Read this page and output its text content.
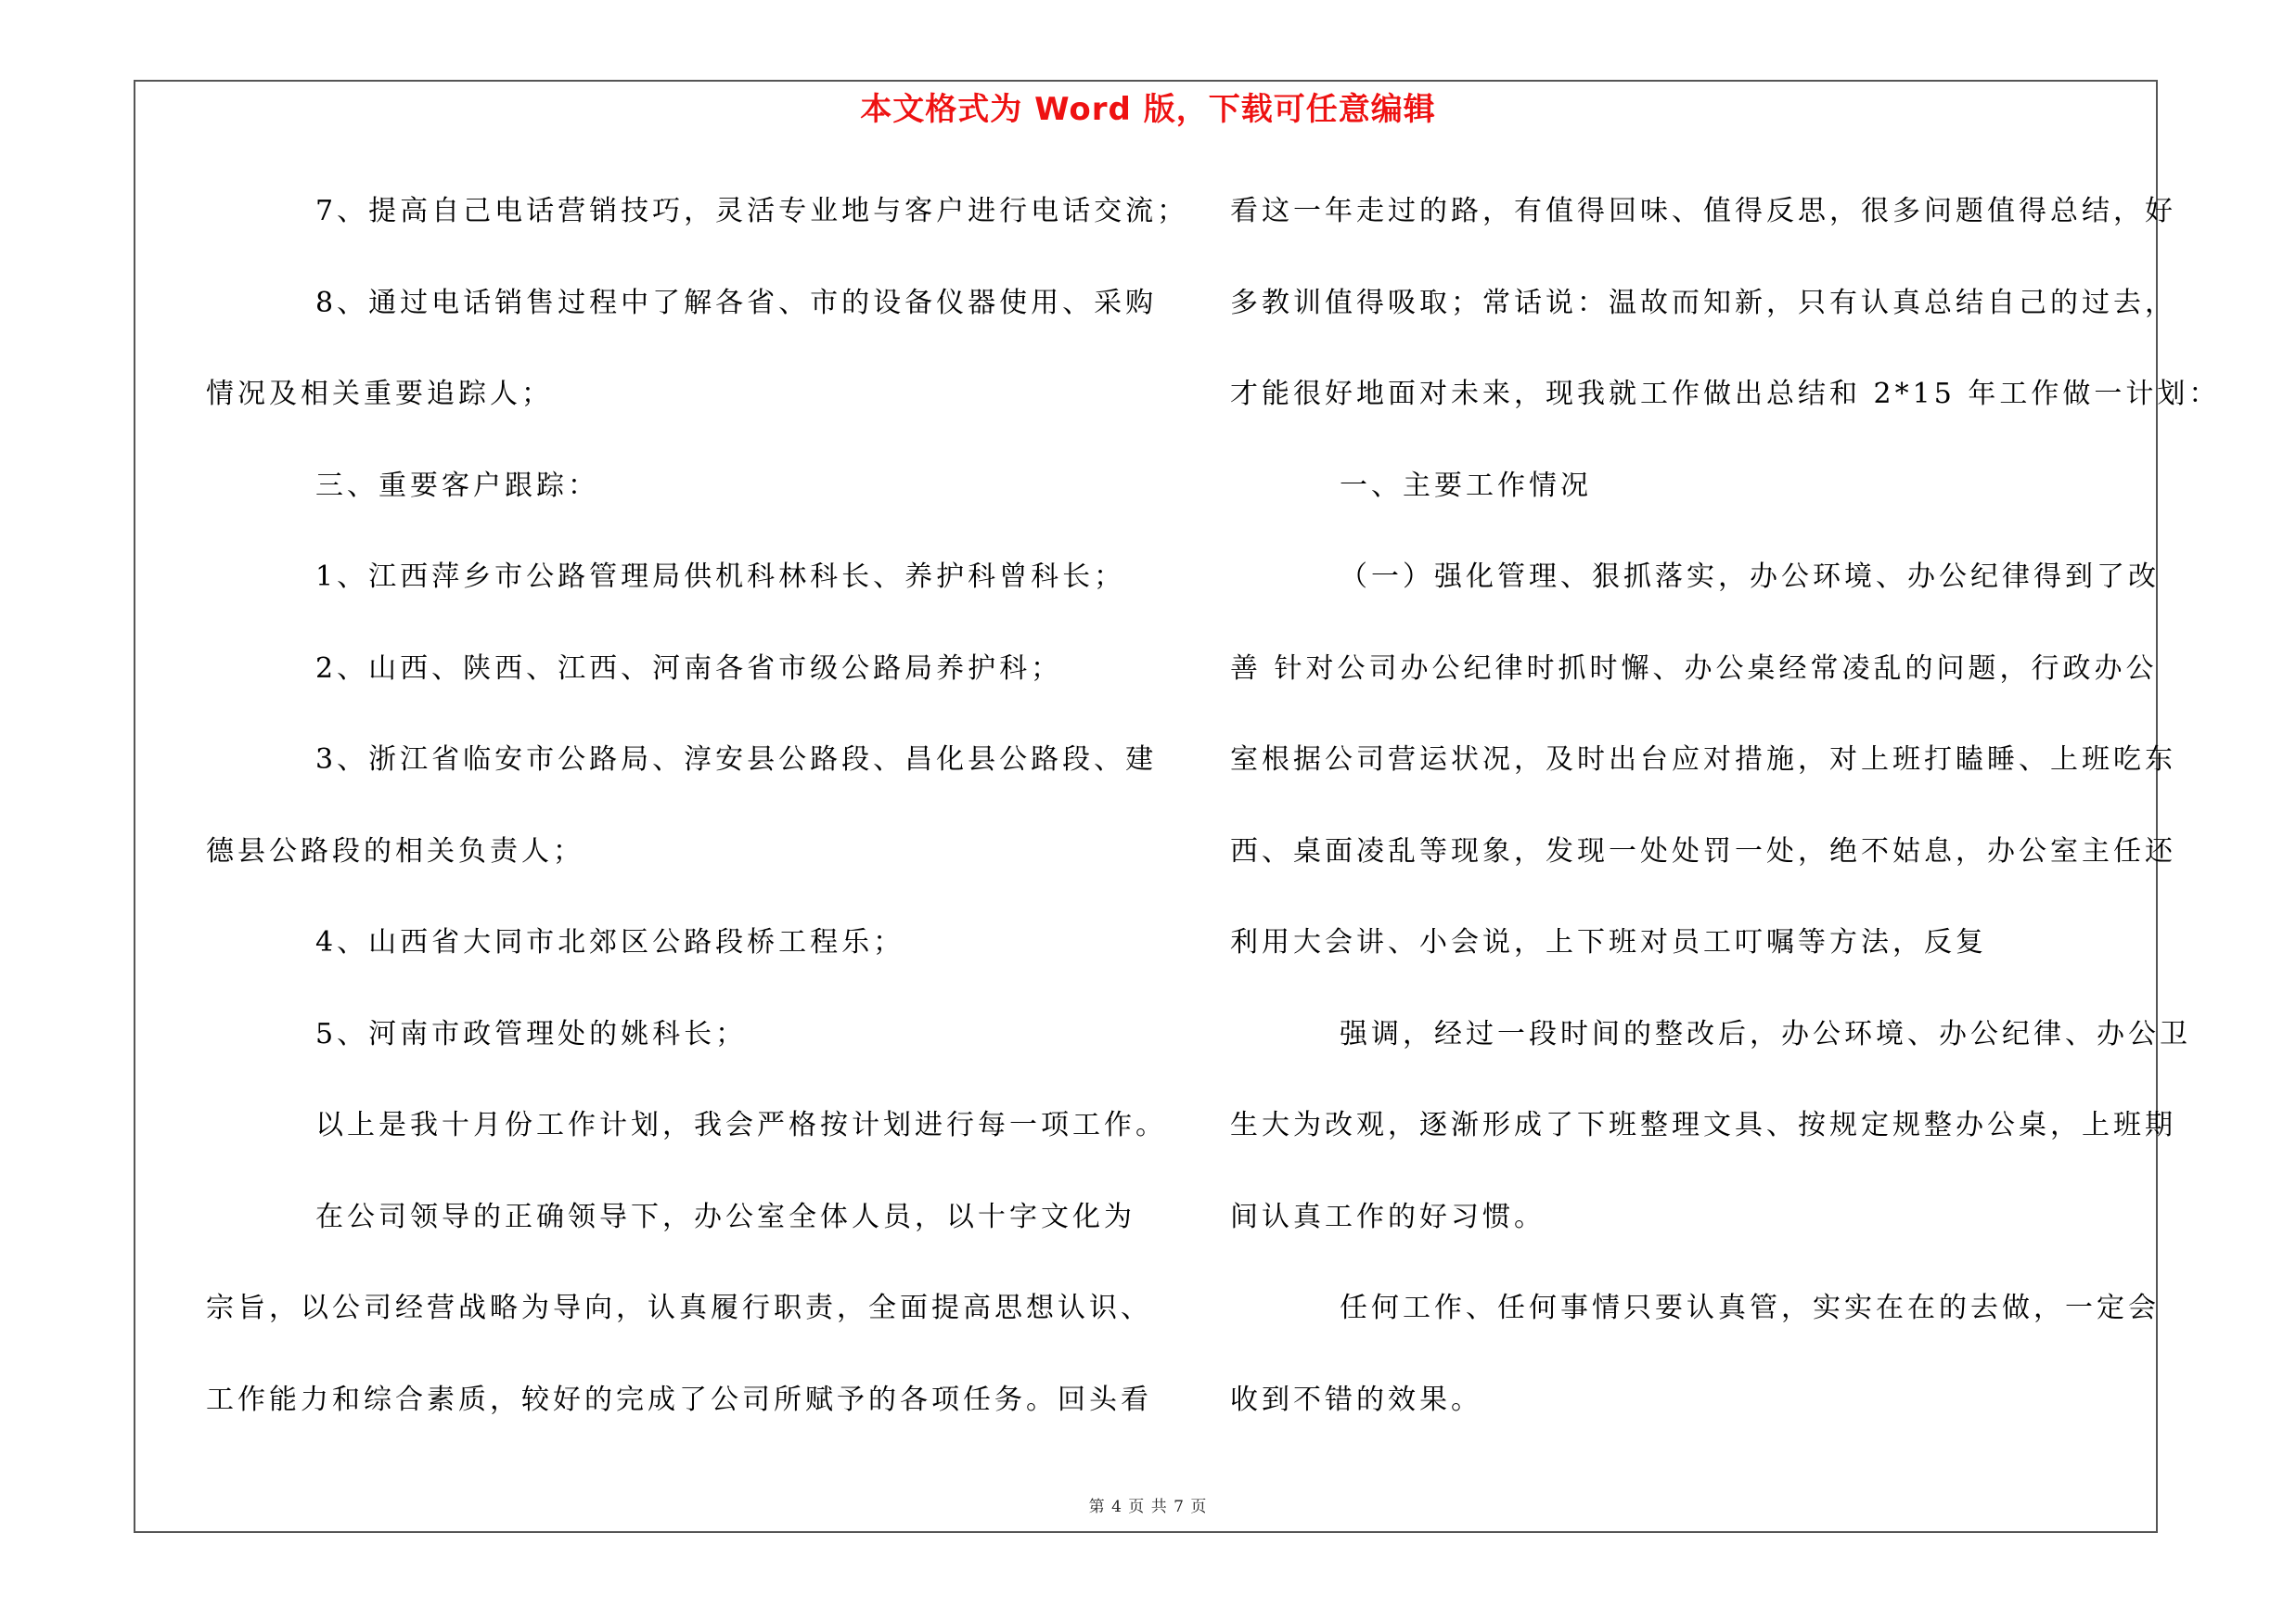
本文格式为 Word 版，下载可任意编辑
7、提高自己电话营销技巧，灵活专业地与客户进行电话交流；
8、通过电话销售过程中了解各省、市的设备仪器使用、采购
情况及相关重要追踪人；
三、重要客户跟踪：
1、江西萍乡市公路管理局供机科林科长、养护科曾科长；
2、山西、陕西、江西、河南各省市级公路局养护科；
3、浙江省临安市公路局、淳安县公路段、昌化县公路段、建
德县公路段的相关负责人；
4、山西省大同市北郊区公路段桥工程乐；
5、河南市政管理处的姚科长；
以上是我十月份工作计划，我会严格按计划进行每一项工作。
在公司领导的正确领导下，办公室全体人员，以十字文化为
宗旨，以公司经营战略为导向，认真履行职责，全面提高思想认识、
工作能力和综合素质，较好的完成了公司所赋予的各项任务。回头看
看这一年走过的路，有值得回味、值得反思，很多问题值得总结，好
多教训值得吸取；常话说：温故而知新，只有认真总结自己的过去，
才能很好地面对未来，现我就工作做出总结和 2*15 年工作做一计划：
一、主要工作情况
（一）强化管理、狠抓落实，办公环境、办公纪律得到了改
善 针对公司办公纪律时抓时懈、办公桌经常凌乱的问题，行政办公
室根据公司营运状况，及时出台应对措施，对上班打瞌睡、上班吃东
西、桌面凌乱等现象，发现一处处罚一处，绝不姑息，办公室主任还
利用大会讲、小会说，上下班对员工叮嘱等方法，反复
强调，经过一段时间的整改后，办公环境、办公纪律、办公卫
生大为改观，逐渐形成了下班整理文具、按规定规整办公桌，上班期
间认真工作的好习惯。
任何工作、任何事情只要认真管，实实在在的去做，一定会
收到不错的效果。
第 4 页 共 7 页
